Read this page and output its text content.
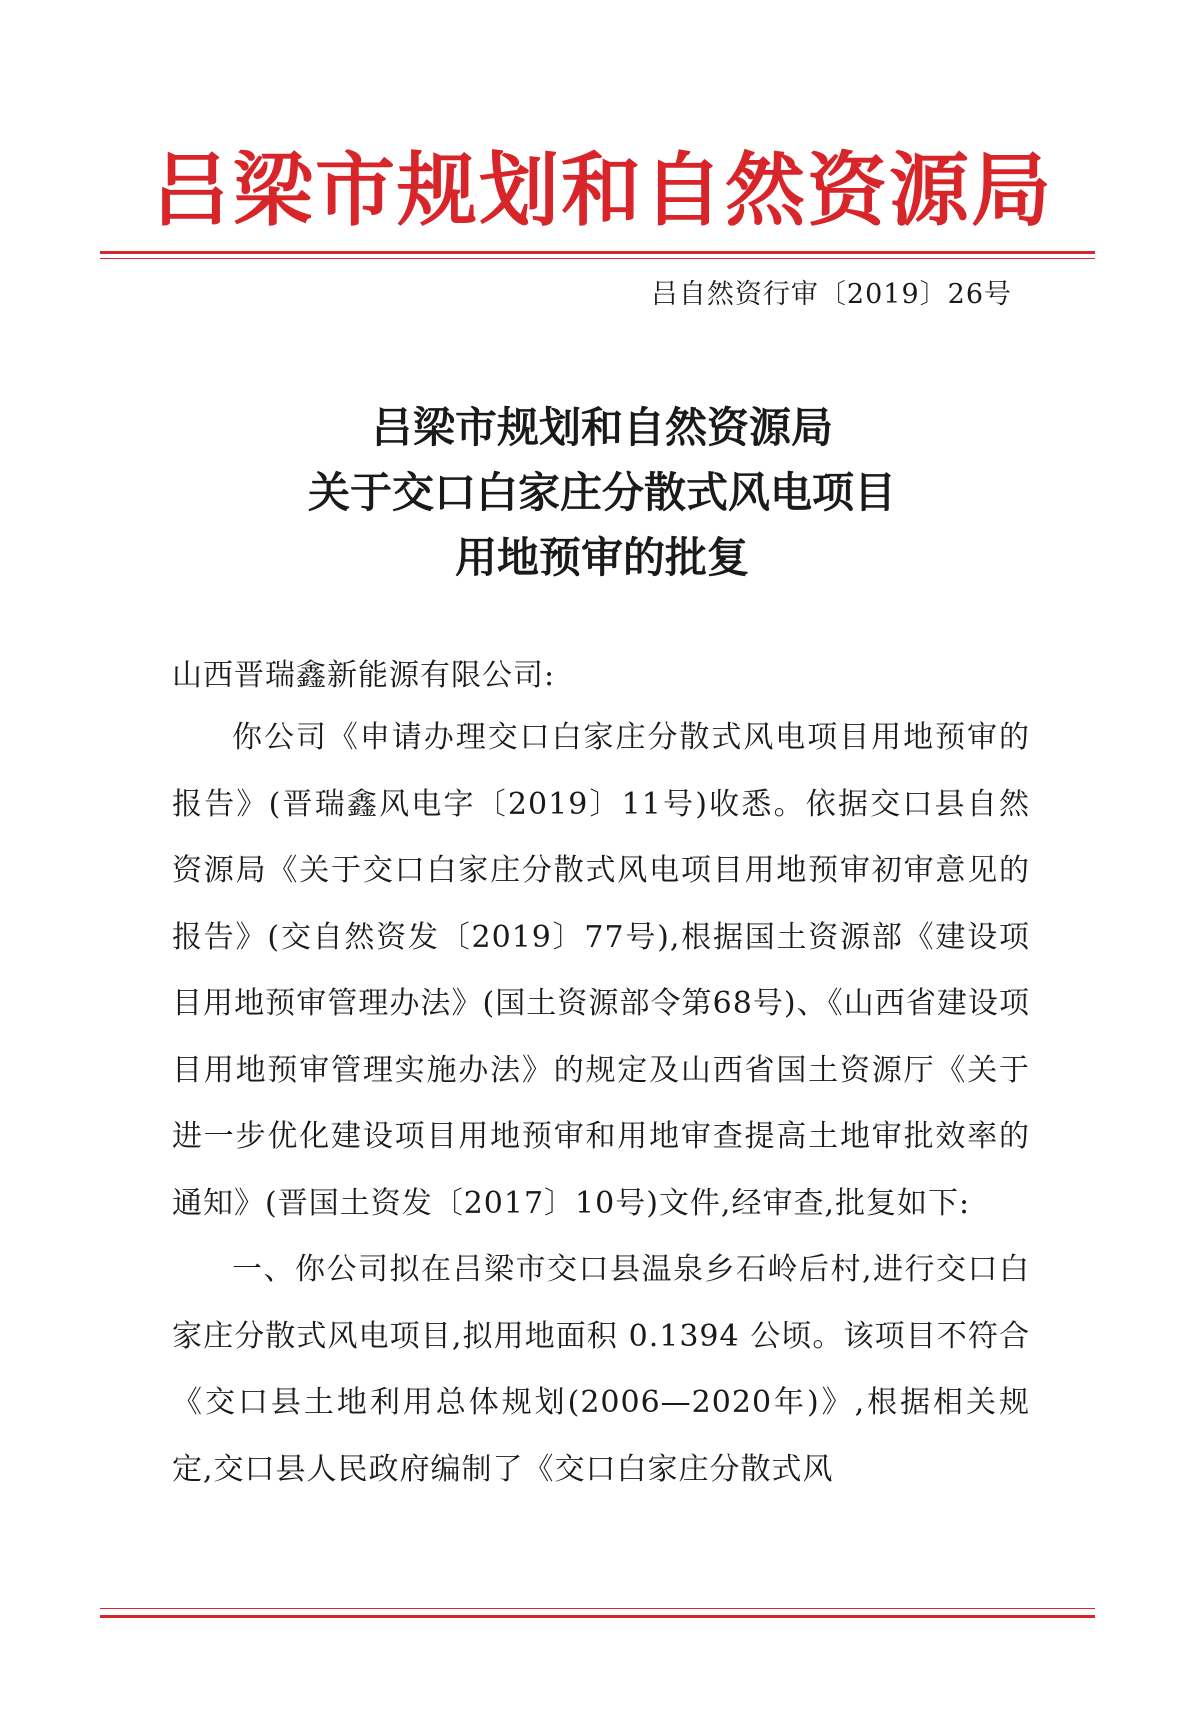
吕梁市规划和自然资源局
吕自然资行审〔2019〕26号
吕梁市规划和自然资源局
关于交口白家庄分散式风电项目
用地预审的批复
山西晋瑞鑫新能源有限公司:

你公司《申请办理交口白家庄分散式风电项目用地预审的报告》(晋瑞鑫风电字〔2019〕11号)收悉。依据交口县自然资源局《关于交口白家庄分散式风电项目用地预审初审意见的报告》(交自然资发〔2019〕77号),根据国土资源部《建设项目用地预审管理办法》(国土资源部令第68号)、《山西省建设项目用地预审管理实施办法》的规定及山西省国土资源厅《关于进一步优化建设项目用地预审和用地审查提高土地审批效率的通知》(晋国土资发〔2017〕10号)文件,经审查,批复如下:

一、你公司拟在吕梁市交口县温泉乡石岭后村,进行交口白家庄分散式风电项目,拟用地面积 0.1394 公顷。该项目不符合《交口县土地利用总体规划(2006—2020年)》,根据相关规定,交口县人民政府编制了《交口白家庄分散式风
